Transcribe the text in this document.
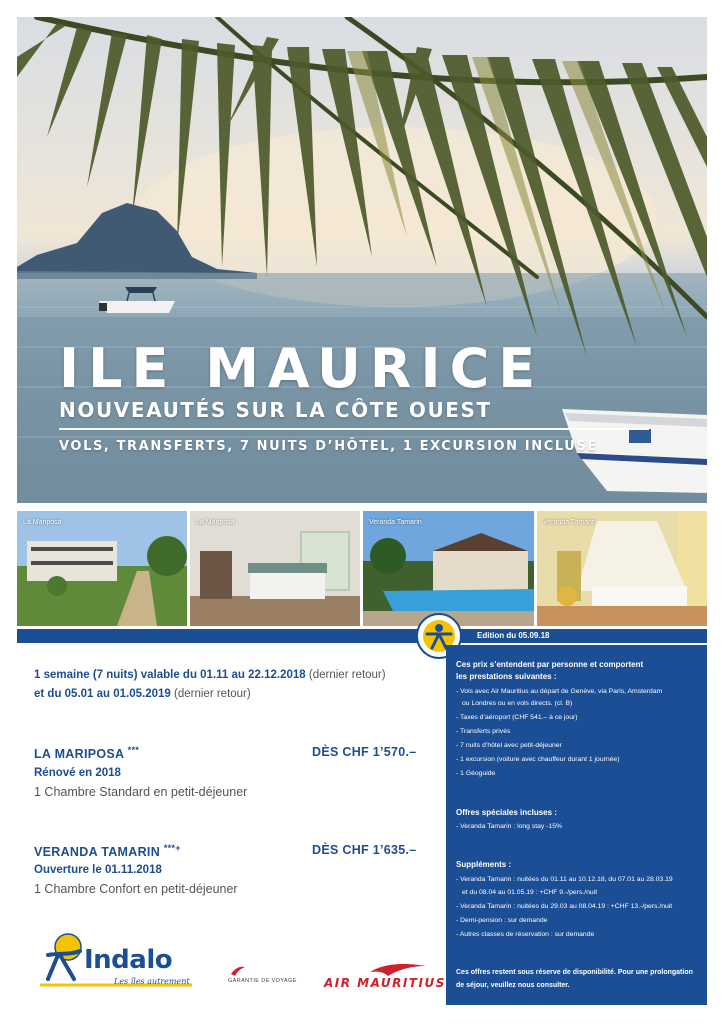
ILE MAURICE
NOUVEAUTÉS SUR LA CÔTE OUEST
VOLS, TRANSFERTS, 7 NUITS D’HÔTEL, 1 EXCURSION INCLUSE
La Mariposa	La Mariposa	Veranda Tamarin	Veranda Tamarin
Edition du 05.09.18
1 semaine (7 nuits) valable du 01.11 au 22.12.2018 (dernier retour)
et du 05.01 au 01.05.2019 (dernier retour)
LA MARIPOSA ***	DÈS CHF 1’570.–
Rénové en 2018
1 Chambre Standard en petit-déjeuner
VERANDA TAMARIN ***+	DÈS CHF 1’635.–
Ouverture le 01.11.2018
1 Chambre Confort en petit-déjeuner
Ces prix s’entendent par personne et comportent
les prestations suivantes :
- Vols avec Air Mauritius au départ de Genève, via Paris, Amsterdam
ou Londres ou en vols directs. (cl. B)
- Taxes d’aéroport (CHF 541.– à ce jour)
- Transferts privés
- 7 nuits d’hôtel avec petit-déjeuner
- 1 excursion (voiture avec chauffeur durant 1 journée)
- 1 Géoguide
Offres spéciales incluses :
- Veranda Tamarin : long stay -15%
Suppléments :
- Veranda Tamarin : nuitées du 01.11 au 10.12.18, du 07.01 au 28.03.19
et du 08.04 au 01.05.19 : +CHF 9.-/pers./nuit
- Veranda Tamarin : nuitées du 29.03 au 08.04.19 : +CHF 13.-/pers./nuit
- Demi-pension : sur demande
- Autres classes de réservation : sur demande
Ces offres restent sous réserve de disponibilité. Pour une prolongation
de séjour, veuillez nous consulter.
Indalo
Les îles autrement	GARANTIE DE VOYAGE AIR MAURITIUS
